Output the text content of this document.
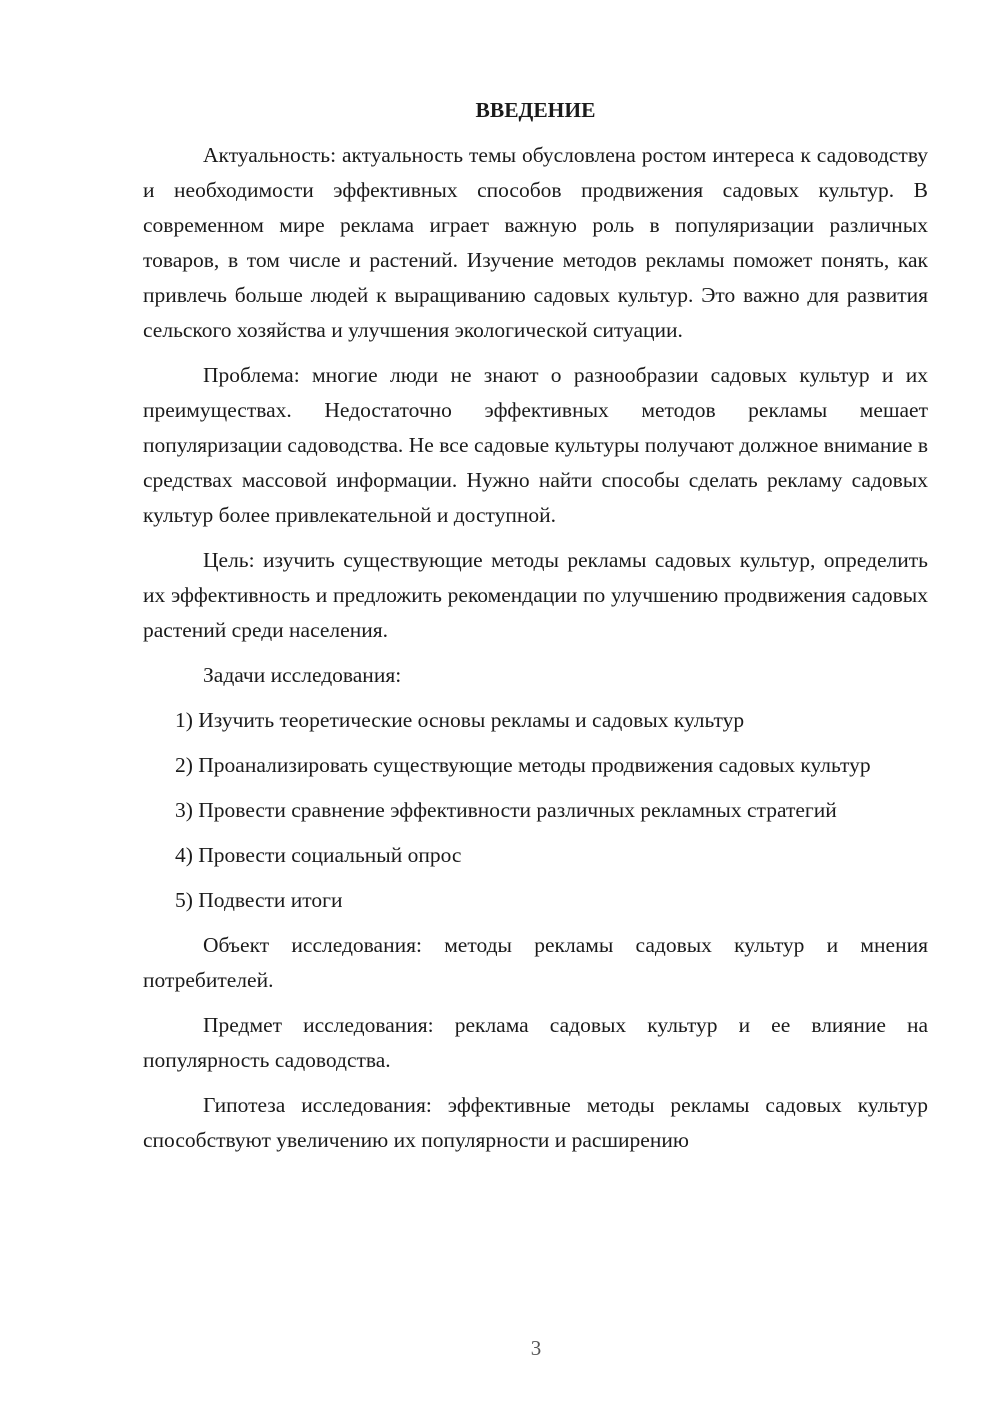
ВВЕДЕНИЕ

Актуальность: актуальность темы обусловлена ростом интереса к садоводству и необходимости эффективных способов продвижения садовых культур. В современном мире реклама играет важную роль в популяризации различных товаров, в том числе и растений. Изучение методов рекламы поможет понять, как привлечь больше людей к выращиванию садовых культур. Это важно для развития сельского хозяйства и улучшения экологической ситуации.

Проблема: многие люди не знают о разнообразии садовых культур и их преимуществах. Недостаточно эффективных методов рекламы мешает популяризации садоводства. Не все садовые культуры получают должное внимание в средствах массовой информации. Нужно найти способы сделать рекламу садовых культур более привлекательной и доступной.

Цель: изучить существующие методы рекламы садовых культур, определить их эффективность и предложить рекомендации по улучшению продвижения садовых растений среди населения.

Задачи исследования:

1) Изучить теоретические основы рекламы и садовых культур

2) Проанализировать существующие методы продвижения садовых культур

3) Провести сравнение эффективности различных рекламных стратегий

4) Провести социальный опрос

5) Подвести итоги

Объект исследования: методы рекламы садовых культур и мнения потребителей.

Предмет исследования: реклама садовых культур и ее влияние на популярность садоводства.

Гипотеза исследования: эффективные методы рекламы садовых культур способствуют увеличению их популярности и расширению

3
